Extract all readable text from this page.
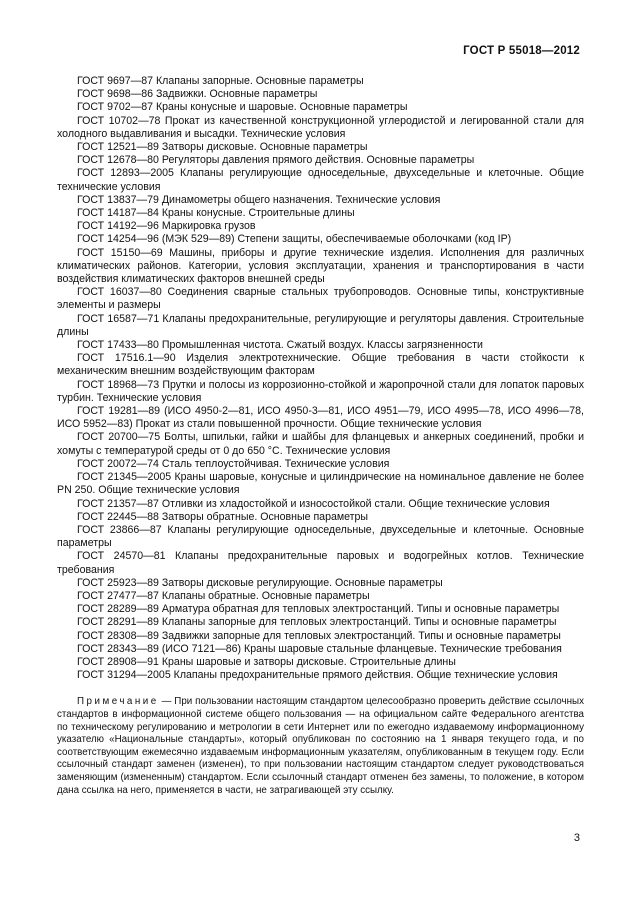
ГОСТ Р 55018—2012

ГОСТ 9697—87 Клапаны запорные. Основные параметры

ГОСТ 9698—86 Задвижки. Основные параметры

ГОСТ 9702—87 Краны конусные и шаровые. Основные параметры

ГОСТ 10702—78 Прокат из качественной конструкционной углеродистой и легированной стали для холодного выдавливания и высадки. Технические условия

ГОСТ 12521—89 Затворы дисковые. Основные параметры

ГОСТ 12678—80 Регуляторы давления прямого действия. Основные параметры

ГОСТ 12893—2005 Клапаны регулирующие односедельные, двухседельные и клеточные. Общие технические условия

ГОСТ 13837—79 Динамометры общего назначения. Технические условия

ГОСТ 14187—84 Краны конусные. Строительные длины

ГОСТ 14192—96 Маркировка грузов

ГОСТ 14254—96 (МЭК 529—89) Степени защиты, обеспечиваемые оболочками (код IP)

ГОСТ 15150—69 Машины, приборы и другие технические изделия. Исполнения для различных климатических районов. Категории, условия эксплуатации, хранения и транспортирования в части воздействия климатических факторов внешней среды

ГОСТ 16037—80 Соединения сварные стальных трубопроводов. Основные типы, конструктивные элементы и размеры

ГОСТ 16587—71 Клапаны предохранительные, регулирующие и регуляторы давления. Строительные длины

ГОСТ 17433—80 Промышленная чистота. Сжатый воздух. Классы загрязненности

ГОСТ 17516.1—90 Изделия электротехнические. Общие требования в части стойкости к механическим внешним воздействующим факторам

ГОСТ 18968—73 Прутки и полосы из коррозионно-стойкой и жаропрочной стали для лопаток паровых турбин. Технические условия

ГОСТ 19281—89 (ИСО 4950-2—81, ИСО 4950-3—81, ИСО 4951—79, ИСО 4995—78, ИСО 4996—78, ИСО 5952—83) Прокат из стали повышенной прочности. Общие технические условия

ГОСТ 20700—75 Болты, шпильки, гайки и шайбы для фланцевых и анкерных соединений, пробки и хомуты с температурой среды от 0 до 650 °С. Технические условия

ГОСТ 20072—74 Сталь теплоустойчивая. Технические условия

ГОСТ 21345—2005 Краны шаровые, конусные и цилиндрические на номинальное давление не более PN 250. Общие технические условия

ГОСТ 21357—87 Отливки из хладостойкой и износостойкой стали. Общие технические условия

ГОСТ 22445—88 Затворы обратные. Основные параметры

ГОСТ 23866—87 Клапаны регулирующие односедельные, двухседельные и клеточные. Основные параметры

ГОСТ 24570—81 Клапаны предохранительные паровых и водогрейных котлов. Технические требования

ГОСТ 25923—89 Затворы дисковые регулирующие. Основные параметры

ГОСТ 27477—87 Клапаны обратные. Основные параметры

ГОСТ 28289—89 Арматура обратная для тепловых электростанций. Типы и основные параметры

ГОСТ 28291—89 Клапаны запорные для тепловых электростанций. Типы и основные параметры

ГОСТ 28308—89 Задвижки запорные для тепловых электростанций. Типы и основные параметры

ГОСТ 28343—89 (ИСО 7121—86) Краны шаровые стальные фланцевые. Технические требования

ГОСТ 28908—91 Краны шаровые и затворы дисковые. Строительные длины

ГОСТ 31294—2005 Клапаны предохранительные прямого действия. Общие технические условия

Примечание — При пользовании настоящим стандартом целесообразно проверить действие ссылочных стандартов в информационной системе общего пользования — на официальном сайте Федерального агентства по техническому регулированию и метрологии в сети Интернет или по ежегодно издаваемому информационному указателю «Национальные стандарты», который опубликован по состоянию на 1 января текущего года, и по соответствующим ежемесячно издаваемым информационным указателям, опубликованным в текущем году. Если ссылочный стандарт заменен (изменен), то при пользовании настоящим стандартом следует руководствоваться заменяющим (измененным) стандартом. Если ссылочный стандарт отменен без замены, то положение, в котором дана ссылка на него, применяется в части, не затрагивающей эту ссылку.

3
